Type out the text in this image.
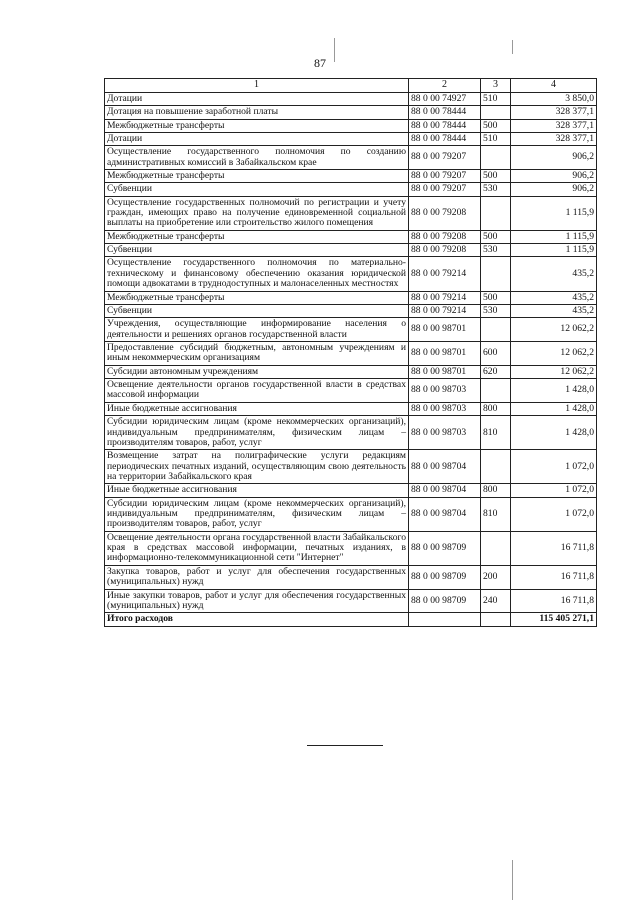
87
1	2	3	4
Дотации	88 0 00 74927	510	3 850,0
Дотация на повышение заработной платы	88 0 00 78444		328 377,1
Межбюджетные трансферты	88 0 00 78444	500	328 377,1
Дотации	88 0 00 78444	510	328 377,1
Осуществление государственного полномочия по созданию административных комиссий в Забайкальском крае	88 0 00 79207		906,2
Межбюджетные трансферты	88 0 00 79207	500	906,2
Субвенции	88 0 00 79207	530	906,2
Осуществление государственных полномочий по регистрации и учету граждан, имеющих право на получение единовременной социальной выплаты на приобретение или строительство жилого помещения	88 0 00 79208		1 115,9
Межбюджетные трансферты	88 0 00 79208	500	1 115,9
Субвенции	88 0 00 79208	530	1 115,9
Осуществление государственного полномочия по материально-техническому и финансовому обеспечению оказания юридической помощи адвокатами в труднодоступных и малонаселенных местностях	88 0 00 79214		435,2
Межбюджетные трансферты	88 0 00 79214	500	435,2
Субвенции	88 0 00 79214	530	435,2
Учреждения, осуществляющие информирование населения о деятельности и решениях органов государственной власти	88 0 00 98701		12 062,2
Предоставление субсидий бюджетным, автономным учреждениям и иным некоммерческим организациям	88 0 00 98701	600	12 062,2
Субсидии автономным учреждениям	88 0 00 98701	620	12 062,2
Освещение деятельности органов государственной власти в средствах массовой информации	88 0 00 98703		1 428,0
Иные бюджетные ассигнования	88 0 00 98703	800	1 428,0
Субсидии юридическим лицам (кроме некоммерческих организаций), индивидуальным предпринимателям, физическим лицам – производителям товаров, работ, услуг	88 0 00 98703	810	1 428,0
Возмещение затрат на полиграфические услуги редакциям периодических печатных изданий, осуществляющим свою деятельность на территории Забайкальского края	88 0 00 98704		1 072,0
Иные бюджетные ассигнования	88 0 00 98704	800	1 072,0
Субсидии юридическим лицам (кроме некоммерческих организаций), индивидуальным предпринимателям, физическим лицам – производителям товаров, работ, услуг	88 0 00 98704	810	1 072,0
Освещение деятельности органа государственной власти Забайкальского края в средствах массовой информации, печатных изданиях, в информационно-телекоммуникационной сети "Интернет"	88 0 00 98709		16 711,8
Закупка товаров, работ и услуг для обеспечения государственных (муниципальных) нужд	88 0 00 98709	200	16 711,8
Иные закупки товаров, работ и услуг для обеспечения государственных (муниципальных) нужд	88 0 00 98709	240	16 711,8
Итого расходов			115 405 271,1
